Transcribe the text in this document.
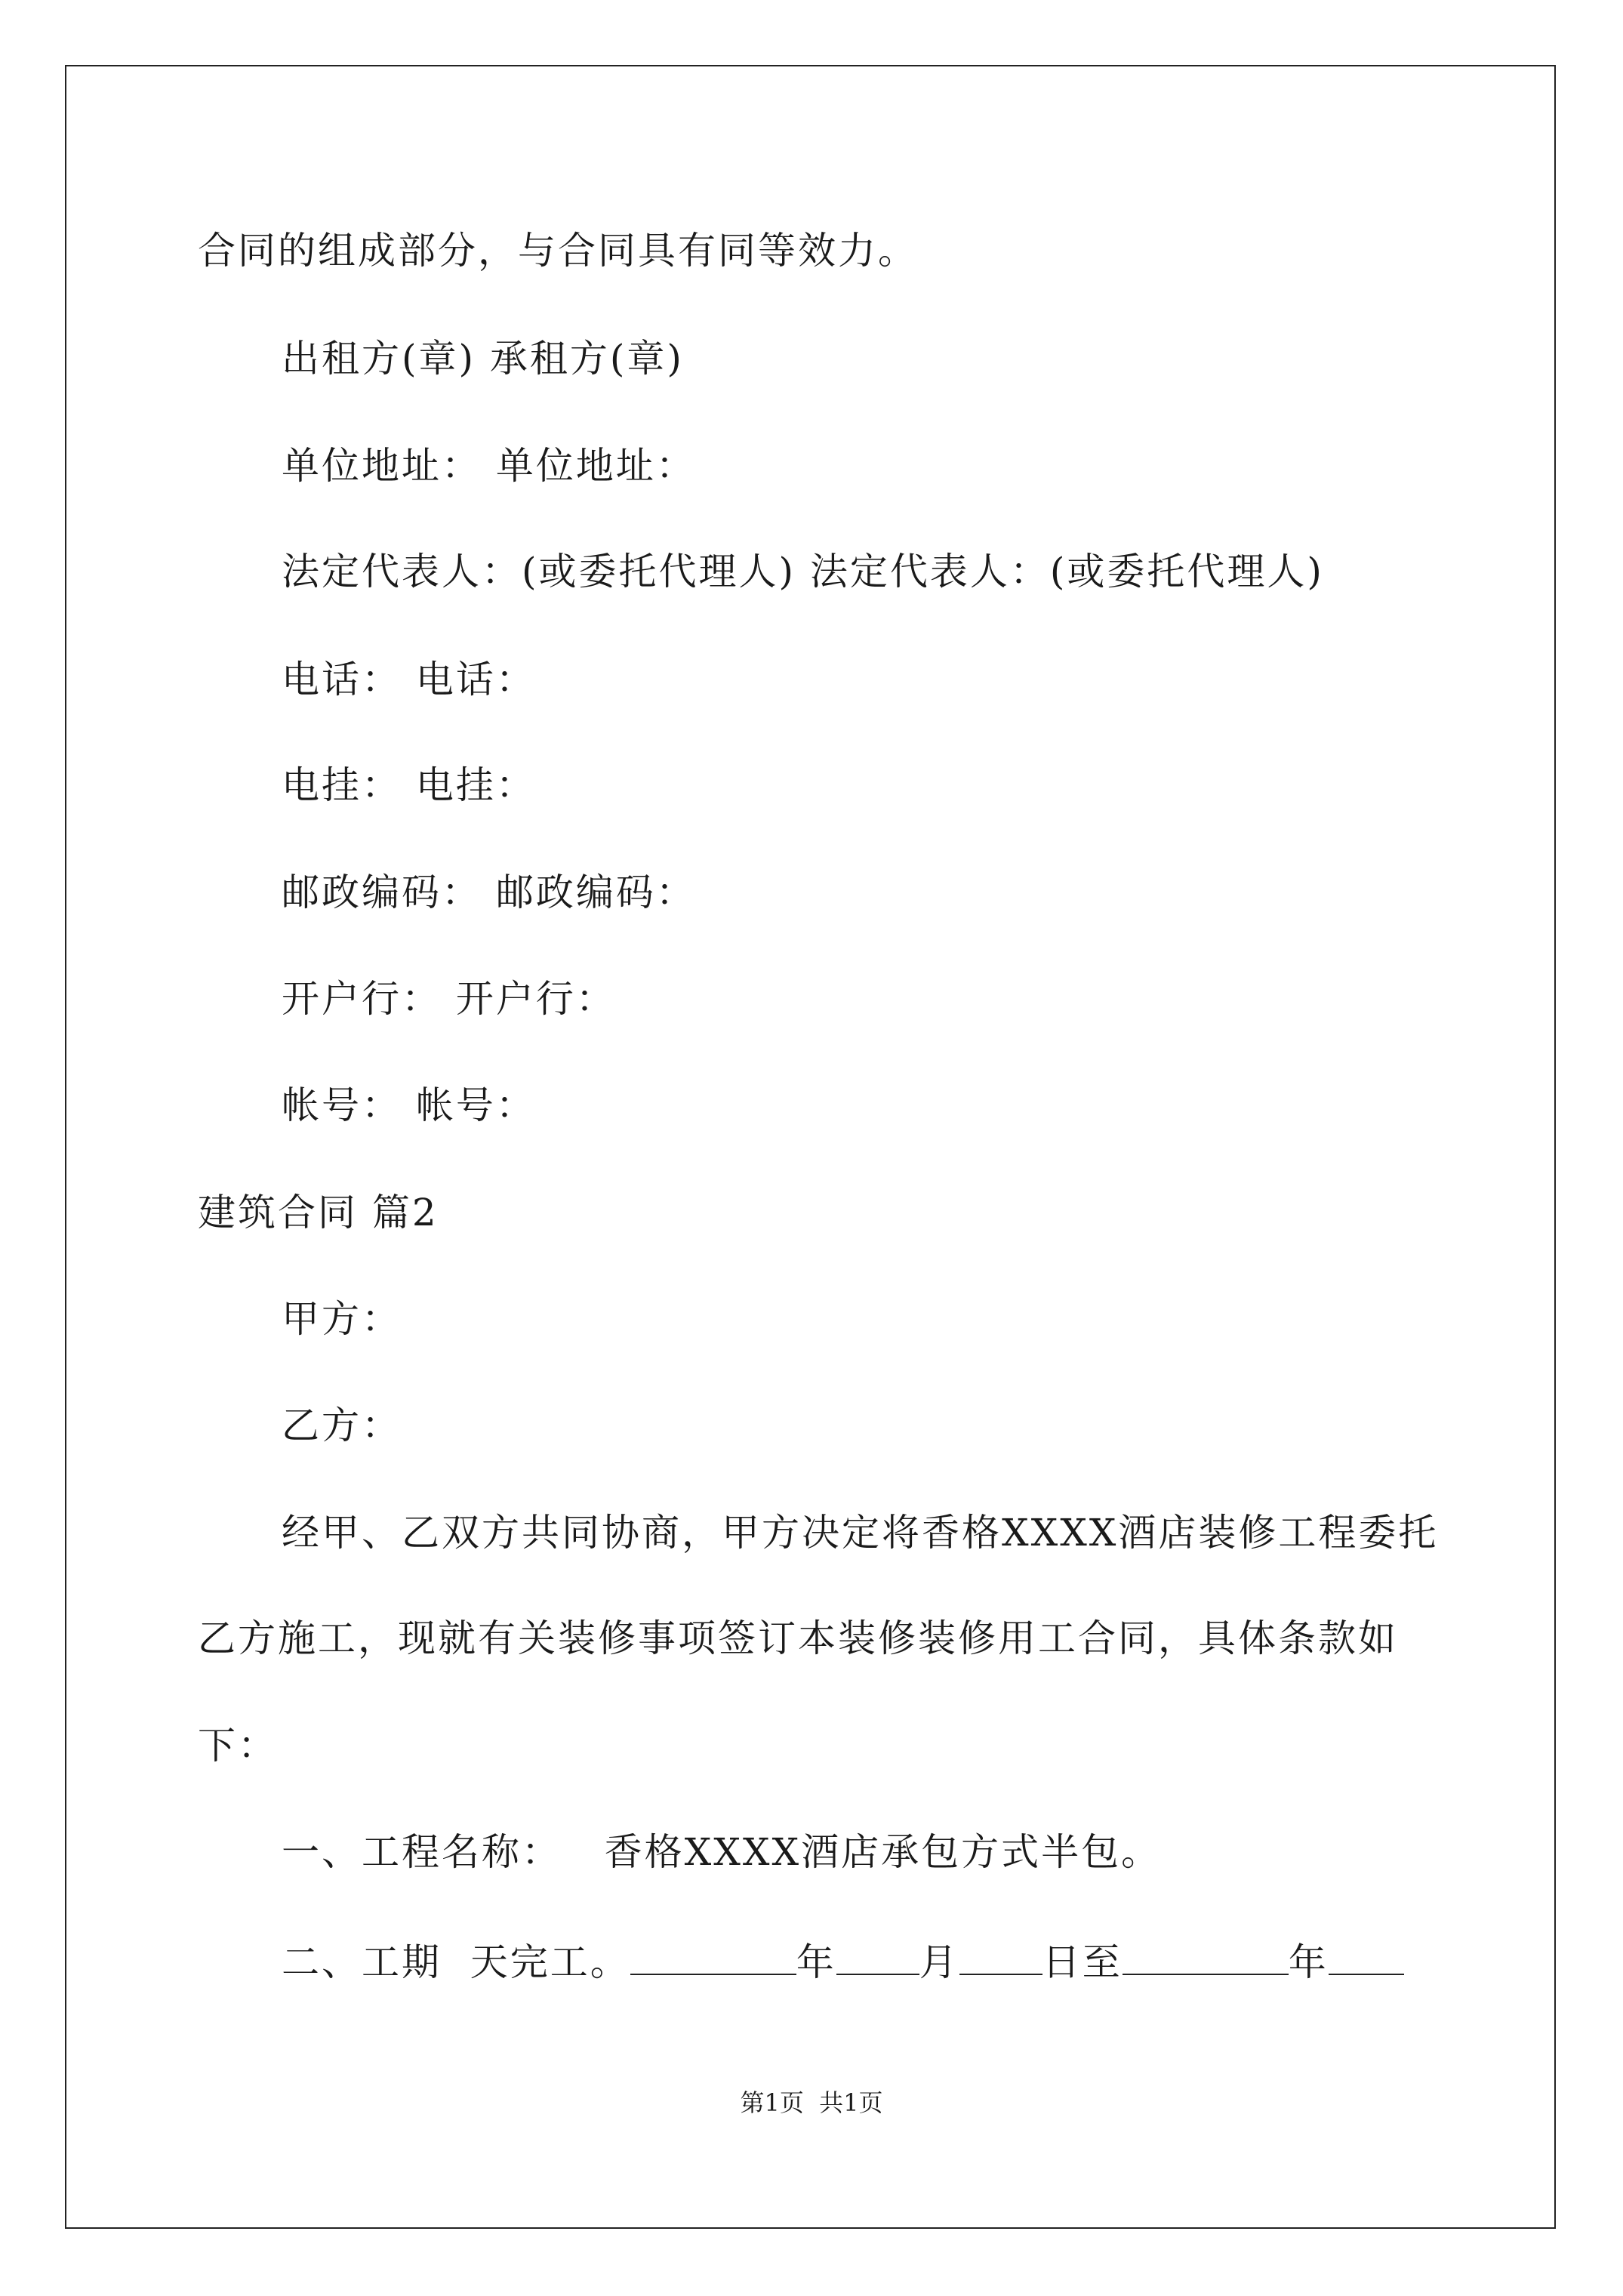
合同的组成部分，与合同具有同等效力。
出租方(章) 承租方(章)
单位地址： 单位地址：
法定代表人：(或委托代理人) 法定代表人：(或委托代理人)
电话： 电话：
电挂： 电挂：
邮政编码： 邮政编码：
开户行： 开户行：
帐号： 帐号：
建筑合同 篇2
甲方：
乙方：
经甲、乙双方共同协商，甲方决定将香格XXXX酒店装修工程委托
乙方施工，现就有关装修事项签订本装修装修用工合同，具体条款如
下：
一、工程名称：   香格XXXX酒店承包方式半包。
二、工期  天完工。	年 月 日至	年
第1页  共1页
